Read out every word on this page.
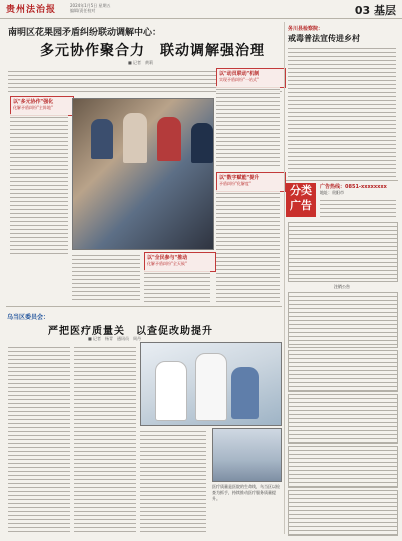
贵州法治报	2024年1月5日 星期五
编辑/责任校对	03 基层
南明区花果园矛盾纠纷联动调解中心：
多元协作聚合力　联动调解强治理
■ 记者　黄莉
以"多元协作"强化
化解矛盾纠纷"主阵地"
以"全民参与"推动
化解矛盾纠纷"全天候"
以"动员联动"机制
实现矛盾纠纷"一站式"
以"数字赋能"提升
矛盾纠纷"化解度"
务川县检察院：
戒毒普法宣传进乡村
分类广告
广告热线：0851-xxxxxxxx
地址：贵阳市
注销公告
乌当区委员会：
严把医疗质量关　以查促改助提升
■ 记者　杨青　通讯员　周丹
医疗质量是医院的生命线，乌当区以检查为抓手，持续推动医疗服务质量提升。
